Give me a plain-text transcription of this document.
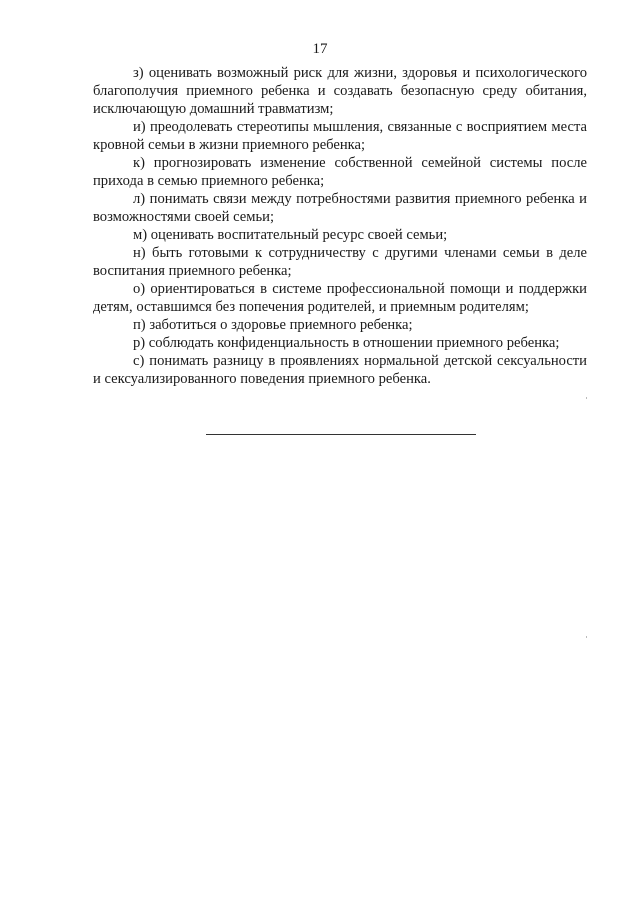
17

з) оценивать возможный риск для жизни, здоровья и психологического благополучия приемного ребенка и создавать безопасную среду обитания, исключающую домашний травматизм;

и) преодолевать стереотипы мышления, связанные с восприятием места кровной семьи в жизни приемного ребенка;

к) прогнозировать изменение собственной семейной системы после прихода в семью приемного ребенка;

л) понимать связи между потребностями развития приемного ребенка и возможностями своей семьи;

м) оценивать воспитательный ресурс своей семьи;

н) быть готовыми к сотрудничеству с другими членами семьи в деле воспитания приемного ребенка;

о) ориентироваться в системе профессиональной помощи и поддержки детям, оставшимся без попечения родителей, и приемным родителям;

п) заботиться о здоровье приемного ребенка;

р) соблюдать конфиденциальность в отношении приемного ребенка;

с) понимать разницу в проявлениях нормальной детской сексуальности и сексуализированного поведения приемного ребенка.
